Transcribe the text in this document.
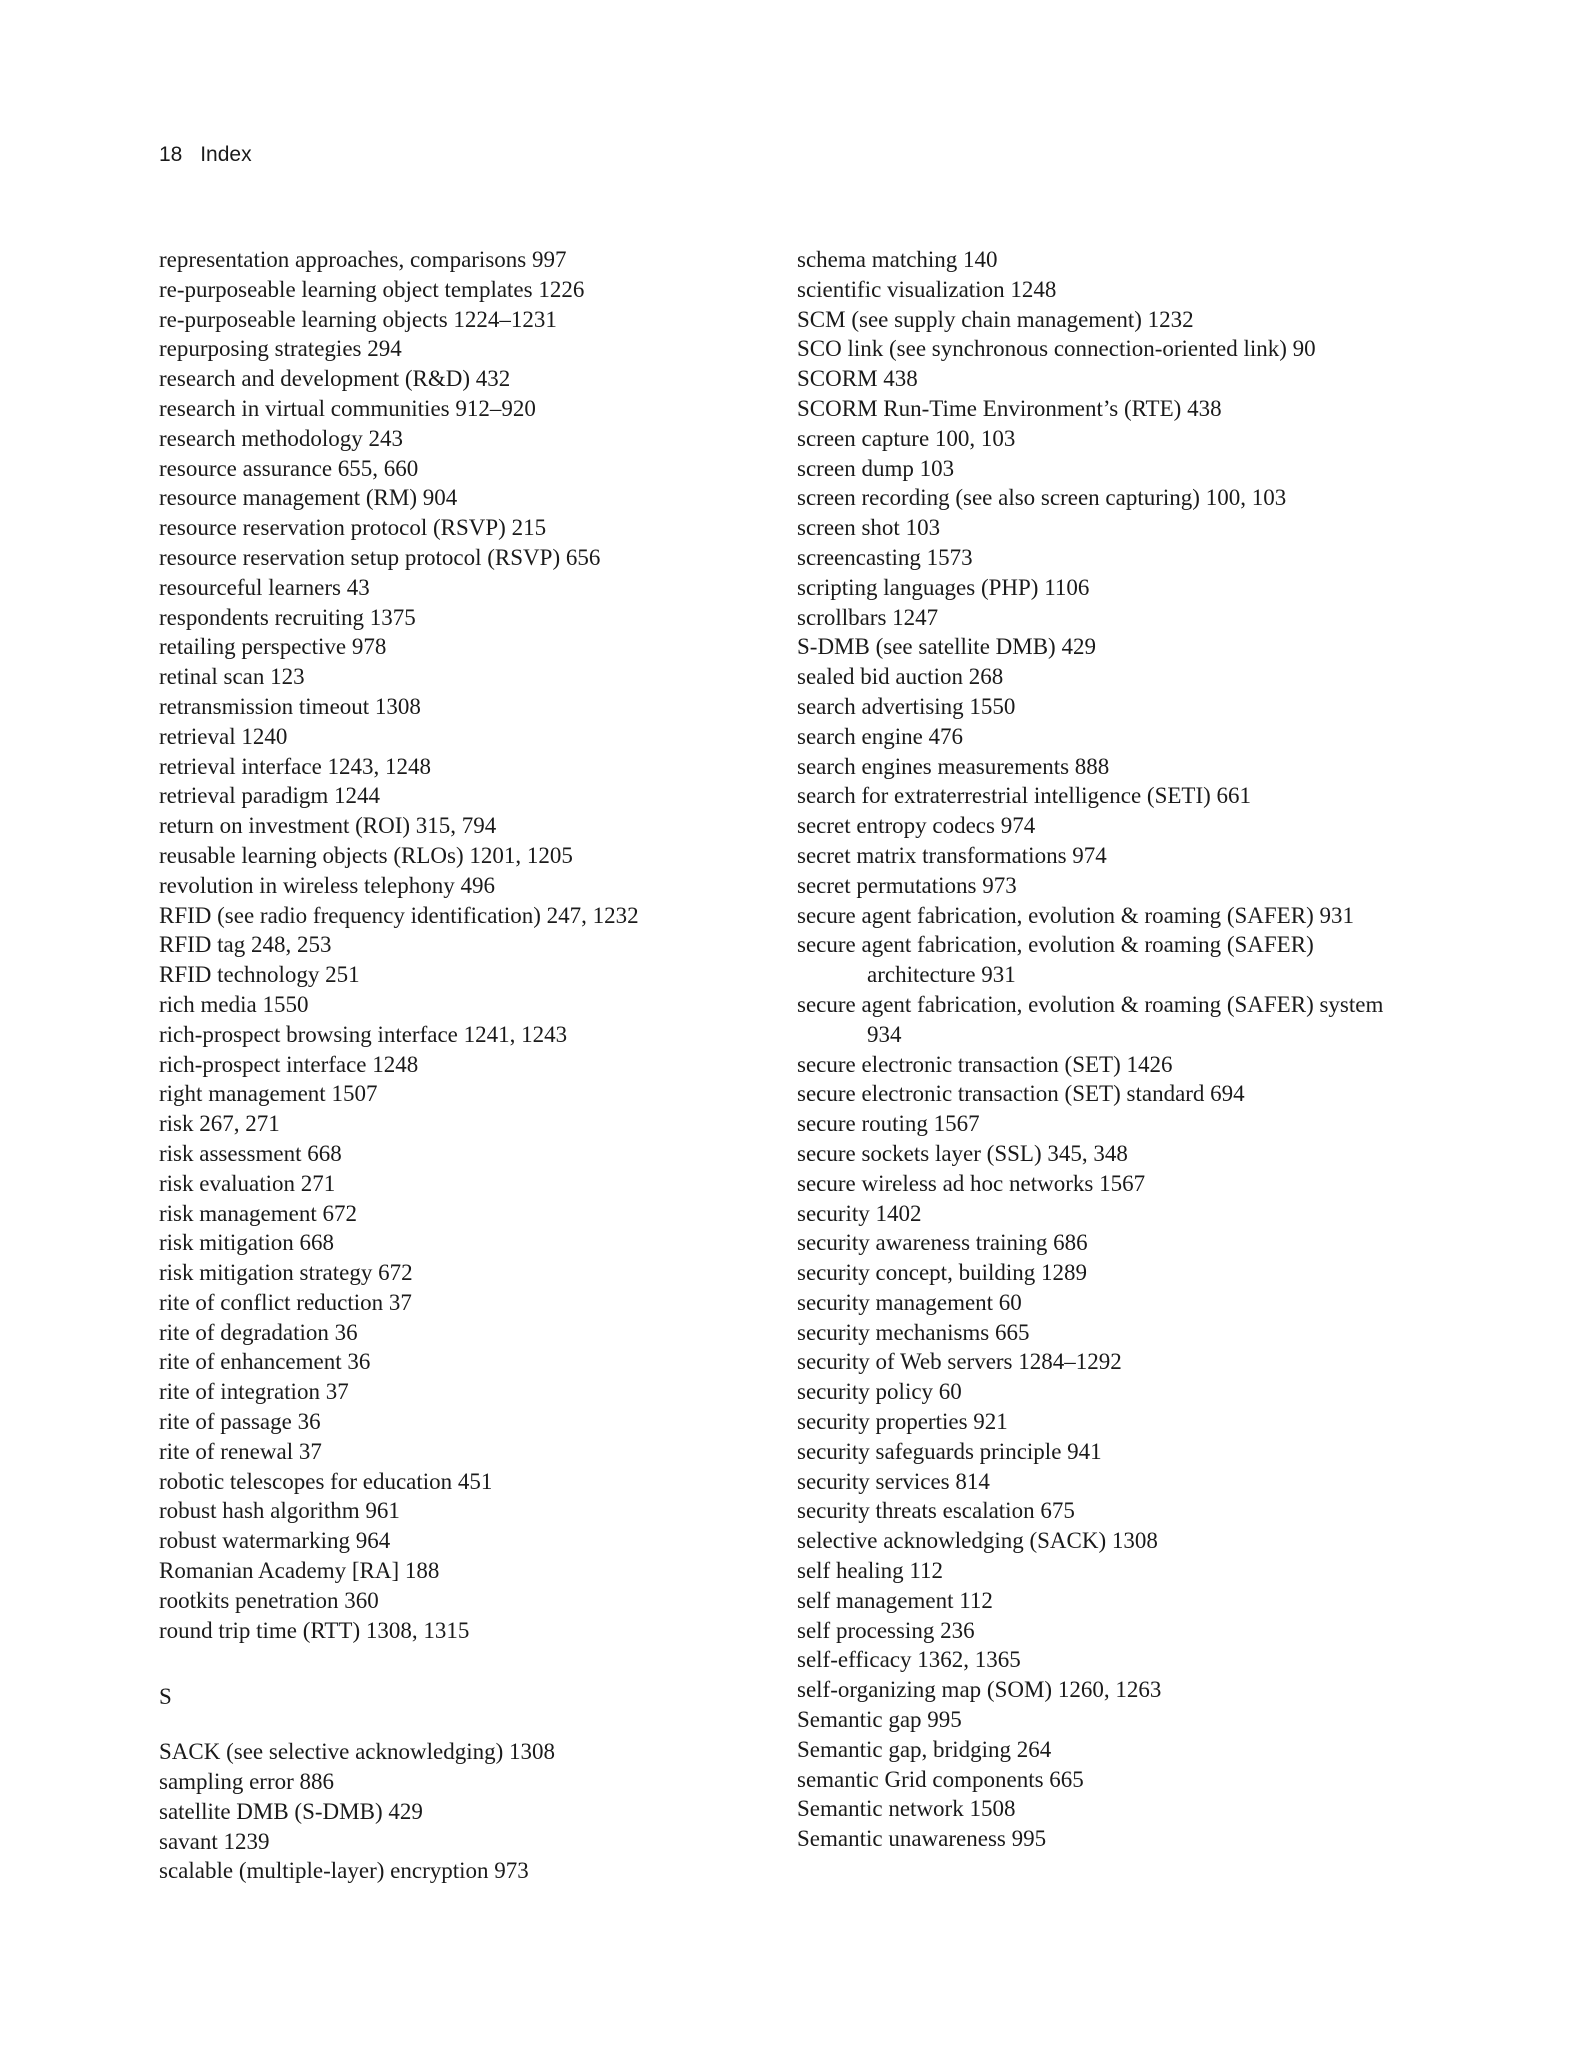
18 Index
representation approaches, comparisons 997
re-purposeable learning object templates 1226
re-purposeable learning objects 1224–1231
repurposing strategies 294
research and development (R&D) 432
research in virtual communities 912–920
research methodology 243
resource assurance 655, 660
resource management (RM) 904
resource reservation protocol (RSVP) 215
resource reservation setup protocol (RSVP) 656
resourceful learners 43
respondents recruiting 1375
retailing perspective 978
retinal scan 123
retransmission timeout 1308
retrieval 1240
retrieval interface 1243, 1248
retrieval paradigm 1244
return on investment (ROI) 315, 794
reusable learning objects (RLOs) 1201, 1205
revolution in wireless telephony 496
RFID (see radio frequency identification) 247, 1232
RFID tag 248, 253
RFID technology 251
rich media 1550
rich-prospect browsing interface 1241, 1243
rich-prospect interface 1248
right management 1507
risk 267, 271
risk assessment 668
risk evaluation 271
risk management 672
risk mitigation 668
risk mitigation strategy 672
rite of conflict reduction 37
rite of degradation 36
rite of enhancement 36
rite of integration 37
rite of passage 36
rite of renewal 37
robotic telescopes for education 451
robust hash algorithm 961
robust watermarking 964
Romanian Academy [RA] 188
rootkits penetration 360
round trip time (RTT) 1308, 1315
S
SACK (see selective acknowledging) 1308
sampling error 886
satellite DMB (S-DMB) 429
savant 1239
scalable (multiple-layer) encryption 973
schema matching 140
scientific visualization 1248
SCM (see supply chain management) 1232
SCO link (see synchronous connection-oriented link) 90
SCORM 438
SCORM Run-Time Environment’s (RTE) 438
screen capture 100, 103
screen dump 103
screen recording (see also screen capturing) 100, 103
screen shot 103
screencasting 1573
scripting languages (PHP) 1106
scrollbars 1247
S-DMB (see satellite DMB) 429
sealed bid auction 268
search advertising 1550
search engine 476
search engines measurements 888
search for extraterrestrial intelligence (SETI) 661
secret entropy codecs 974
secret matrix transformations 974
secret permutations 973
secure agent fabrication, evolution & roaming (SAFER) 931
secure agent fabrication, evolution & roaming (SAFER) architecture 931
secure agent fabrication, evolution & roaming (SAFER) system 934
secure electronic transaction (SET) 1426
secure electronic transaction (SET) standard 694
secure routing 1567
secure sockets layer (SSL) 345, 348
secure wireless ad hoc networks 1567
security 1402
security awareness training 686
security concept, building 1289
security management 60
security mechanisms 665
security of Web servers 1284–1292
security policy 60
security properties 921
security safeguards principle 941
security services 814
security threats escalation 675
selective acknowledging (SACK) 1308
self healing 112
self management 112
self processing 236
self-efficacy 1362, 1365
self-organizing map (SOM) 1260, 1263
Semantic gap 995
Semantic gap, bridging 264
semantic Grid components 665
Semantic network 1508
Semantic unawareness 995
